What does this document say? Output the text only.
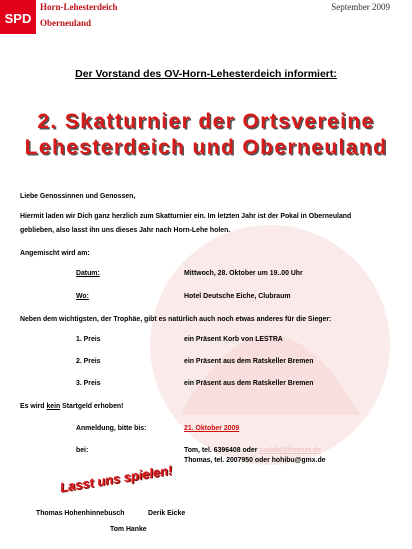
SPD
Horn-Lehesterdeich
Oberneuland
September 2009
Der Vorstand des OV-Horn-Lehesterdeich informiert:
2. Skatturnier der Ortsvereine
Lehesterdeich und Oberneuland
Liebe Genossinnen und Genossen,
Hiermit laden wir Dich ganz herzlich zum Skatturnier ein. Im letzten Jahr ist der Pokal in Oberneuland
geblieben, also lasst ihn uns dieses Jahr nach Horn-Lehe holen.
Angemischt wird am:
Datum:	Mittwoch, 28. Oktober um 19..00 Uhr
Wo:	Hotel Deutsche Eiche, Clubraum
Neben dem wichtigsten, der Trophäe, gibt es natürlich auch noch etwas anderes für die Sieger:
1. Preis	ein Präsent Korb von LESTRA
2. Preis	ein Präsent aus dem Ratskeller Bremen
3. Preis	ein Präsent aus dem Ratskeller Bremen
Es wird kein Startgeld erhoben!
Anmeldung, bitte bis:	21. Oktober 2009
bei:	Tom, tel. 6396408 oder cadafa@freenet.de
Thomas, tel. 2007950 oder hohibu@gmx.de
Lasst uns spielen!
Thomas Hohenhinnebusch	Derik Eicke
Tom Hanke
